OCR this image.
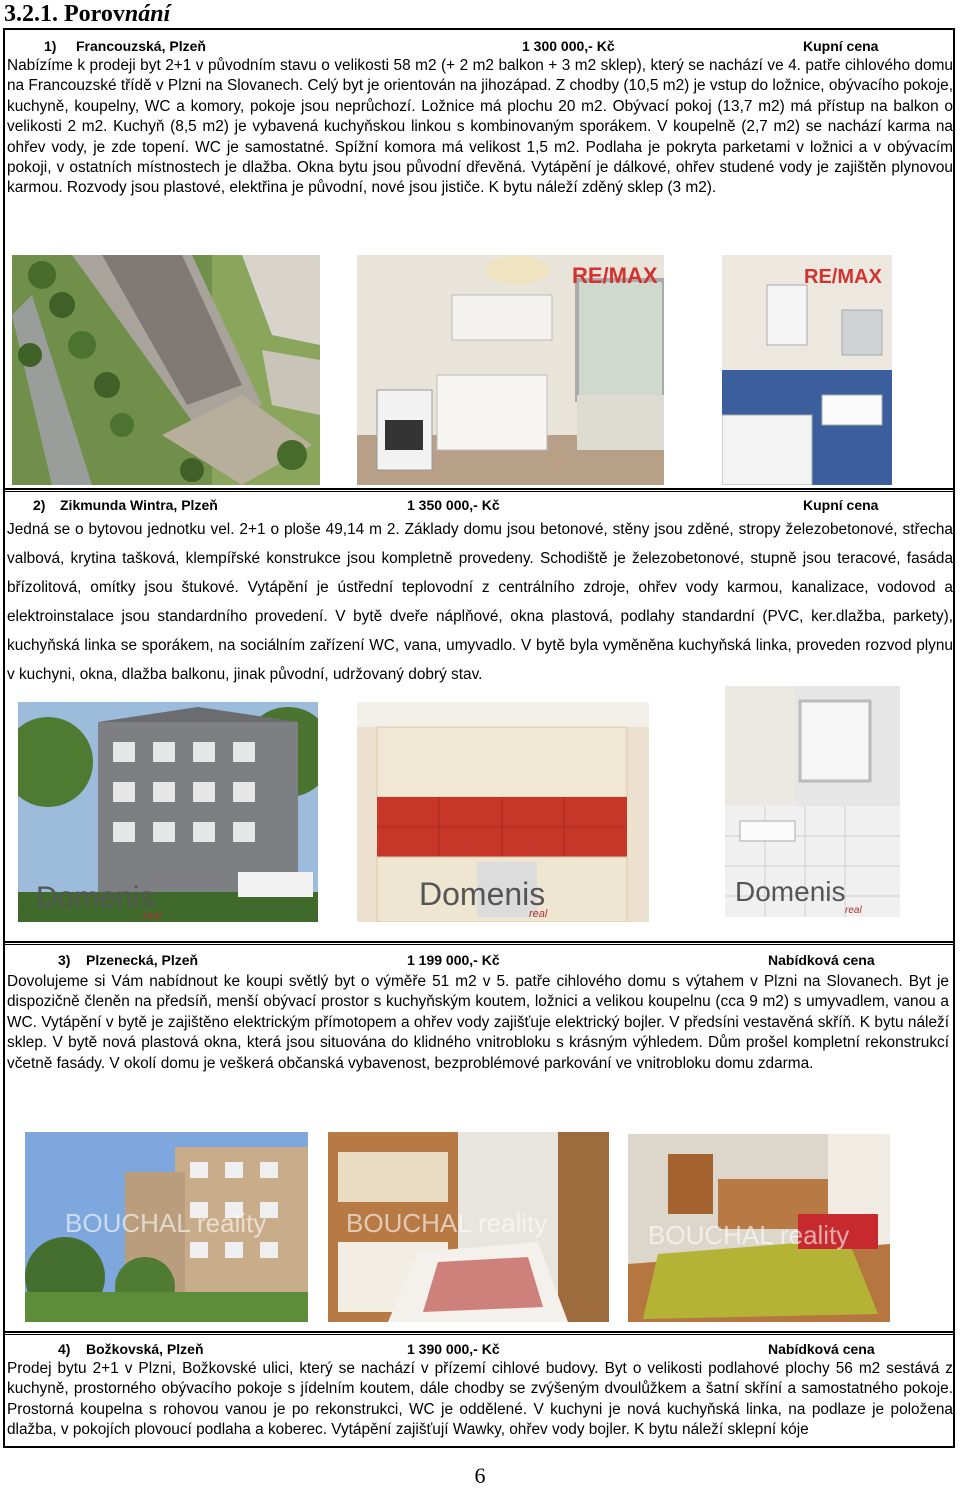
3.2.1. Porovnání
1) Francouzská, Plzeň	1 300 000,- Kč	Kupní cena
Nabízíme k prodeji byt 2+1 v původním stavu o velikosti 58 m2 (+ 2 m2 balkon + 3 m2 sklep), který se nachází ve 4. patře cihlového domu na Francouzské třídě v Plzni na Slovanech. Celý byt je orientován na jihozápad. Z chodby (10,5 m2) je vstup do ložnice, obývacího pokoje, kuchyně, koupelny, WC a komory, pokoje jsou neprůchozí. Ložnice má plochu 20 m2. Obývací pokoj (13,7 m2) má přístup na balkon o velikosti 2 m2. Kuchyň (8,5 m2) je vybavená kuchyňskou linkou s kombinovaným sporákem. V koupelně (2,7 m2) se nachází karma na ohřev vody, je zde topení. WC je samostatné. Spížní komora má velikost 1,5 m2. Podlaha je pokryta parketami v ložnici a v obývacím pokoji, v ostatních místnostech je dlažba. Okna bytu jsou původní dřevěná. Vytápění je dálkové, ohřev studené vody je zajištěn plynovou karmou. Rozvody jsou plastové, elektřina je původní, nové jsou jističe. K bytu náleží zděný sklep (3 m2).
RE/MAX	RE/MAX
2) Zikmunda Wintra, Plzeň	1 350 000,- Kč	Kupní cena
Jedná se o bytovou jednotku vel. 2+1 o ploše 49,14 m 2. Základy domu jsou betonové, stěny jsou zděné, stropy železobetonové, střecha valbová, krytina tašková, klempířské konstrukce jsou kompletně provedeny. Schodiště je železobetonové, stupně jsou teracové, fasáda břízolitová, omítky jsou štukové. Vytápění je ústřední teplovodní z centrálního zdroje, ohřev vody karmou, kanalizace, vodovod a elektroinstalace jsou standardního provedení. V bytě dveře náplňové, okna plastová, podlahy standardní (PVC, ker.dlažba, parkety), kuchyňská linka se sporákem, na sociálním zařízení WC, vana, umyvadlo. V bytě byla vyměněna kuchyňská linka, proveden rozvod plynu v kuchyni, okna, dlažba balkonu, jinak původní, udržovaný dobrý stav.
Domenis
real
Domenis
real
Domenis
real
3) Plzenecká, Plzeň	1 199 000,- Kč	Nabídková cena
Dovolujeme si Vám nabídnout ke koupi světlý byt o výměře 51 m2 v 5. patře cihlového domu s výtahem v Plzni na Slovanech. Byt je dispozičně členěn na předsíň, menší obývací prostor s kuchyňským koutem, ložnici a velikou koupelnu (cca 9 m2) s umyvadlem, vanou a WC. Vytápění v bytě je zajištěno elektrickým přímotopem a ohřev vody zajišťuje elektrický bojler. V předsíni vestavěná skříň. K bytu náleží sklep. V bytě nová plastová okna, která jsou situována do klidného vnitrobloku s krásným výhledem. Dům prošel kompletní rekonstrukcí včetně fasády. V okolí domu je veškerá občanská vybavenost, bezproblémové parkování ve vnitrobloku domu zdarma.
BOUCHAL reality	BOUCHAL reality	BOUCHAL reality
4) Božkovská, Plzeň	1 390 000,- Kč	Nabídková cena
Prodej bytu 2+1 v Plzni, Božkovské ulici, který se nachází v přízemí cihlové budovy. Byt o velikosti podlahové plochy 56 m2 sestává z kuchyně, prostorného obývacího pokoje s jídelním koutem, dále chodby se zvýšeným dvoulůžkem a šatní skříní a samostatného pokoje. Prostorná koupelna s rohovou vanou je po rekonstrukci, WC je oddělené. V kuchyni je nová kuchyňská linka, na podlaze je položena dlažba, v pokojích plovoucí podlaha a koberec. Vytápění zajišťují Wawky, ohřev vody bojler. K bytu náleží sklepní kóje
6
